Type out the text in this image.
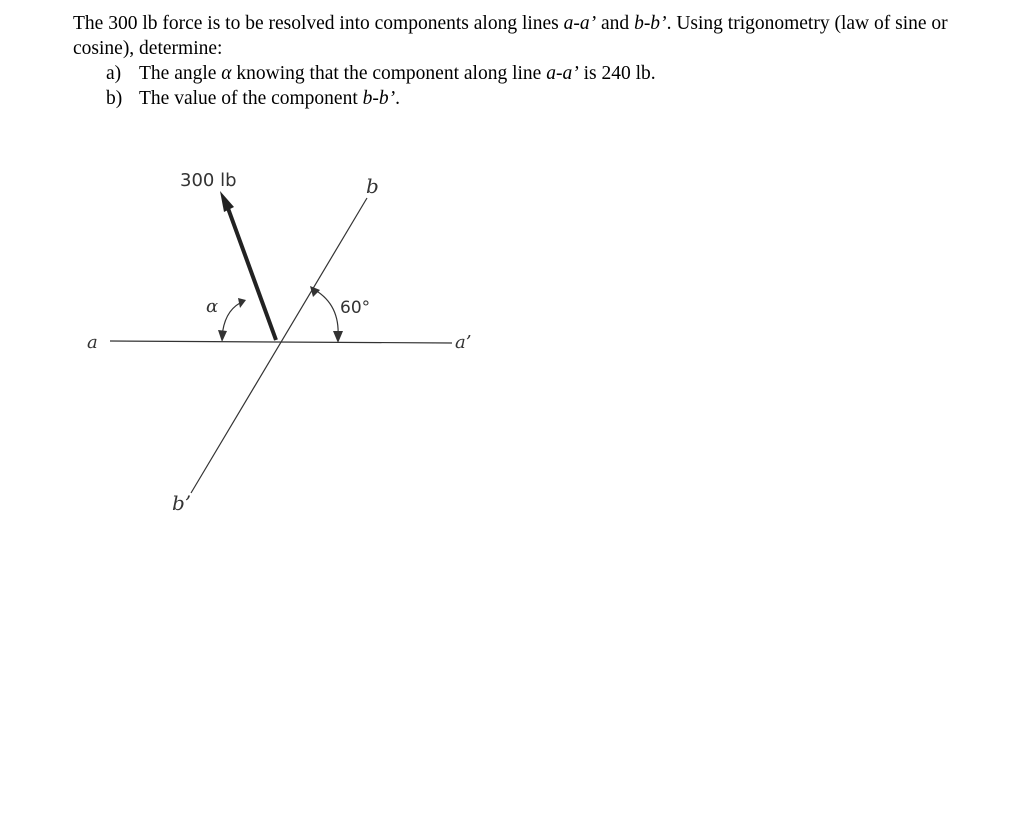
The 300 lb force is to be resolved into components along lines a-a’ and b-b’. Using trigonometry (law of sine or cosine), determine:

a) The angle α knowing that the component along line a-a’ is 240 lb.
b) The value of the component b-b’.
300 lb	b
b’
a	a’
α	60°
